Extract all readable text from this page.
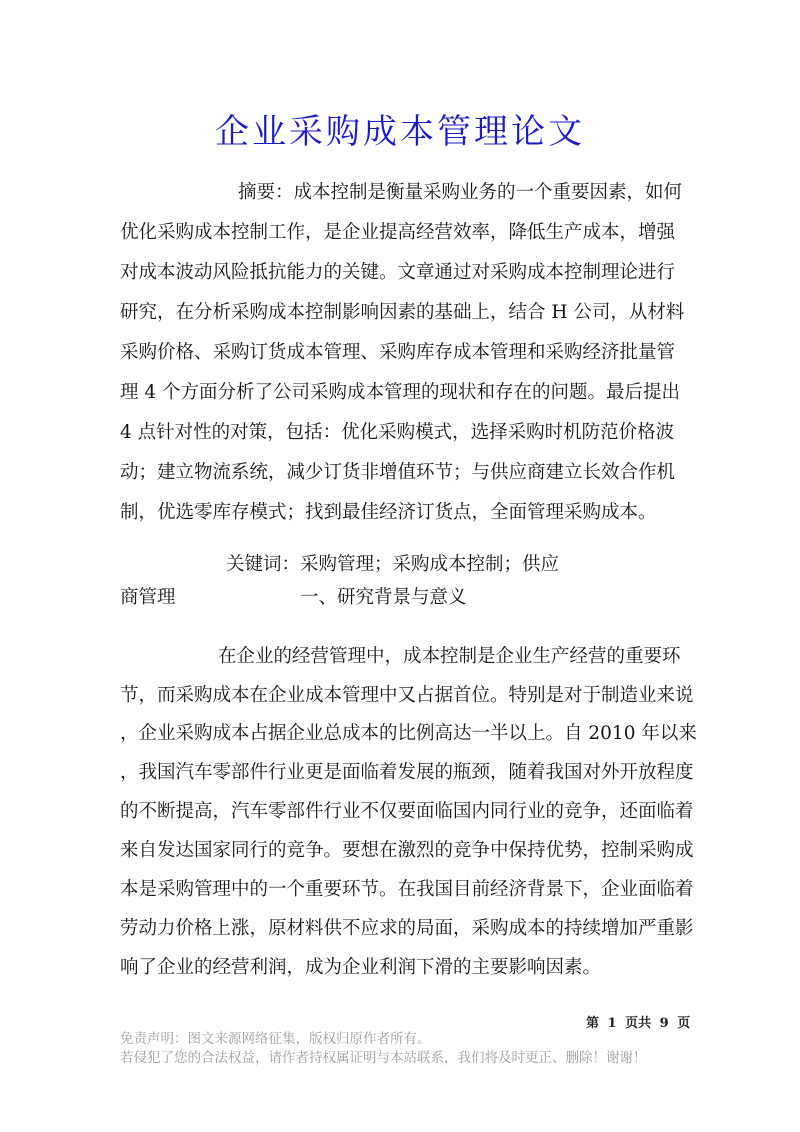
企业采购成本管理论文
摘要：成本控制是衡量采购业务的一个重要因素，如何
优化采购成本控制工作，是企业提高经营效率，降低生产成本，增强
对成本波动风险抵抗能力的关键。文章通过对采购成本控制理论进行
研究，在分析采购成本控制影响因素的基础上，结合 H 公司，从材料
采购价格、采购订货成本管理、采购库存成本管理和采购经济批量管
理 4 个方面分析了公司采购成本管理的现状和存在的问题。最后提出
4 点针对性的对策，包括：优化采购模式，选择采购时机防范价格波
动；建立物流系统，减少订货非增值环节；与供应商建立长效合作机
制，优选零库存模式；找到最佳经济订货点，全面管理采购成本。
关键词：采购管理；采购成本控制；供应
商管理	一、研究背景与意义
在企业的经营管理中，成本控制是企业生产经营的重要环
节，而采购成本在企业成本管理中又占据首位。特别是对于制造业来说
，企业采购成本占据企业总成本的比例高达一半以上。自 2010 年以来
，我国汽车零部件行业更是面临着发展的瓶颈，随着我国对外开放程度
的不断提高，汽车零部件行业不仅要面临国内同行业的竞争，还面临着
来自发达国家同行的竞争。要想在激烈的竞争中保持优势，控制采购成
本是采购管理中的一个重要环节。在我国目前经济背景下，企业面临着
劳动力价格上涨，原材料供不应求的局面，采购成本的持续增加严重影
响了企业的经营利润，成为企业利润下滑的主要影响因素。
第 1 页共 9 页
免责声明：图文来源网络征集，版权归原作者所有。
若侵犯了您的合法权益，请作者持权属证明与本站联系，我们将及时更正、删除！谢谢！
